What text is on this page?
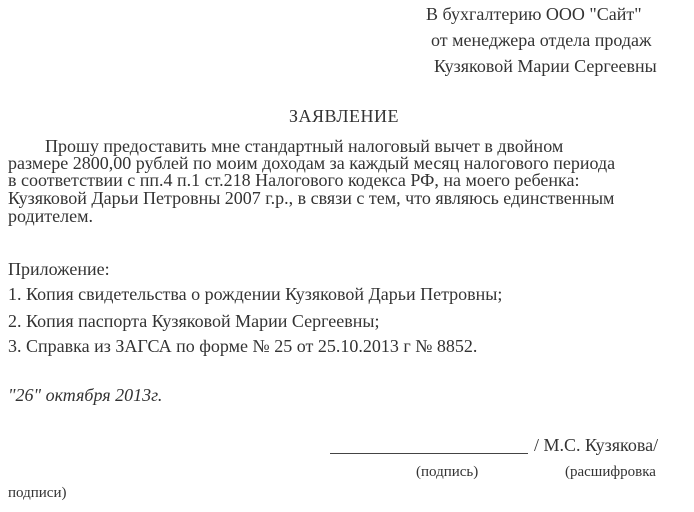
В бухгалтерию ООО "Сайт"
от менеджера отдела продаж
Кузяковой Марии Сергеевны
ЗАЯВЛЕНИЕ
Прошу предоставить мне стандартный налоговый вычет в двойном
размере 2800,00 рублей по моим доходам за каждый месяц налогового периода
в соответствии с пп.4 п.1 ст.218 Налогового кодекса РФ, на моего ребенка:
Кузяковой Дарьи Петровны 2007 г.р., в связи с тем, что являюсь единственным
родителем.
Приложение:
1. Копия свидетельства о рождении Кузяковой Дарьи Петровны;
2. Копия паспорта Кузяковой Марии Сергеевны;
3. Справка из ЗАГСА по форме № 25 от 25.10.2013 г № 8852.
"26" октября 2013г.
/ М.С. Кузякова/
(подпись)	(расшифровка
подписи)
